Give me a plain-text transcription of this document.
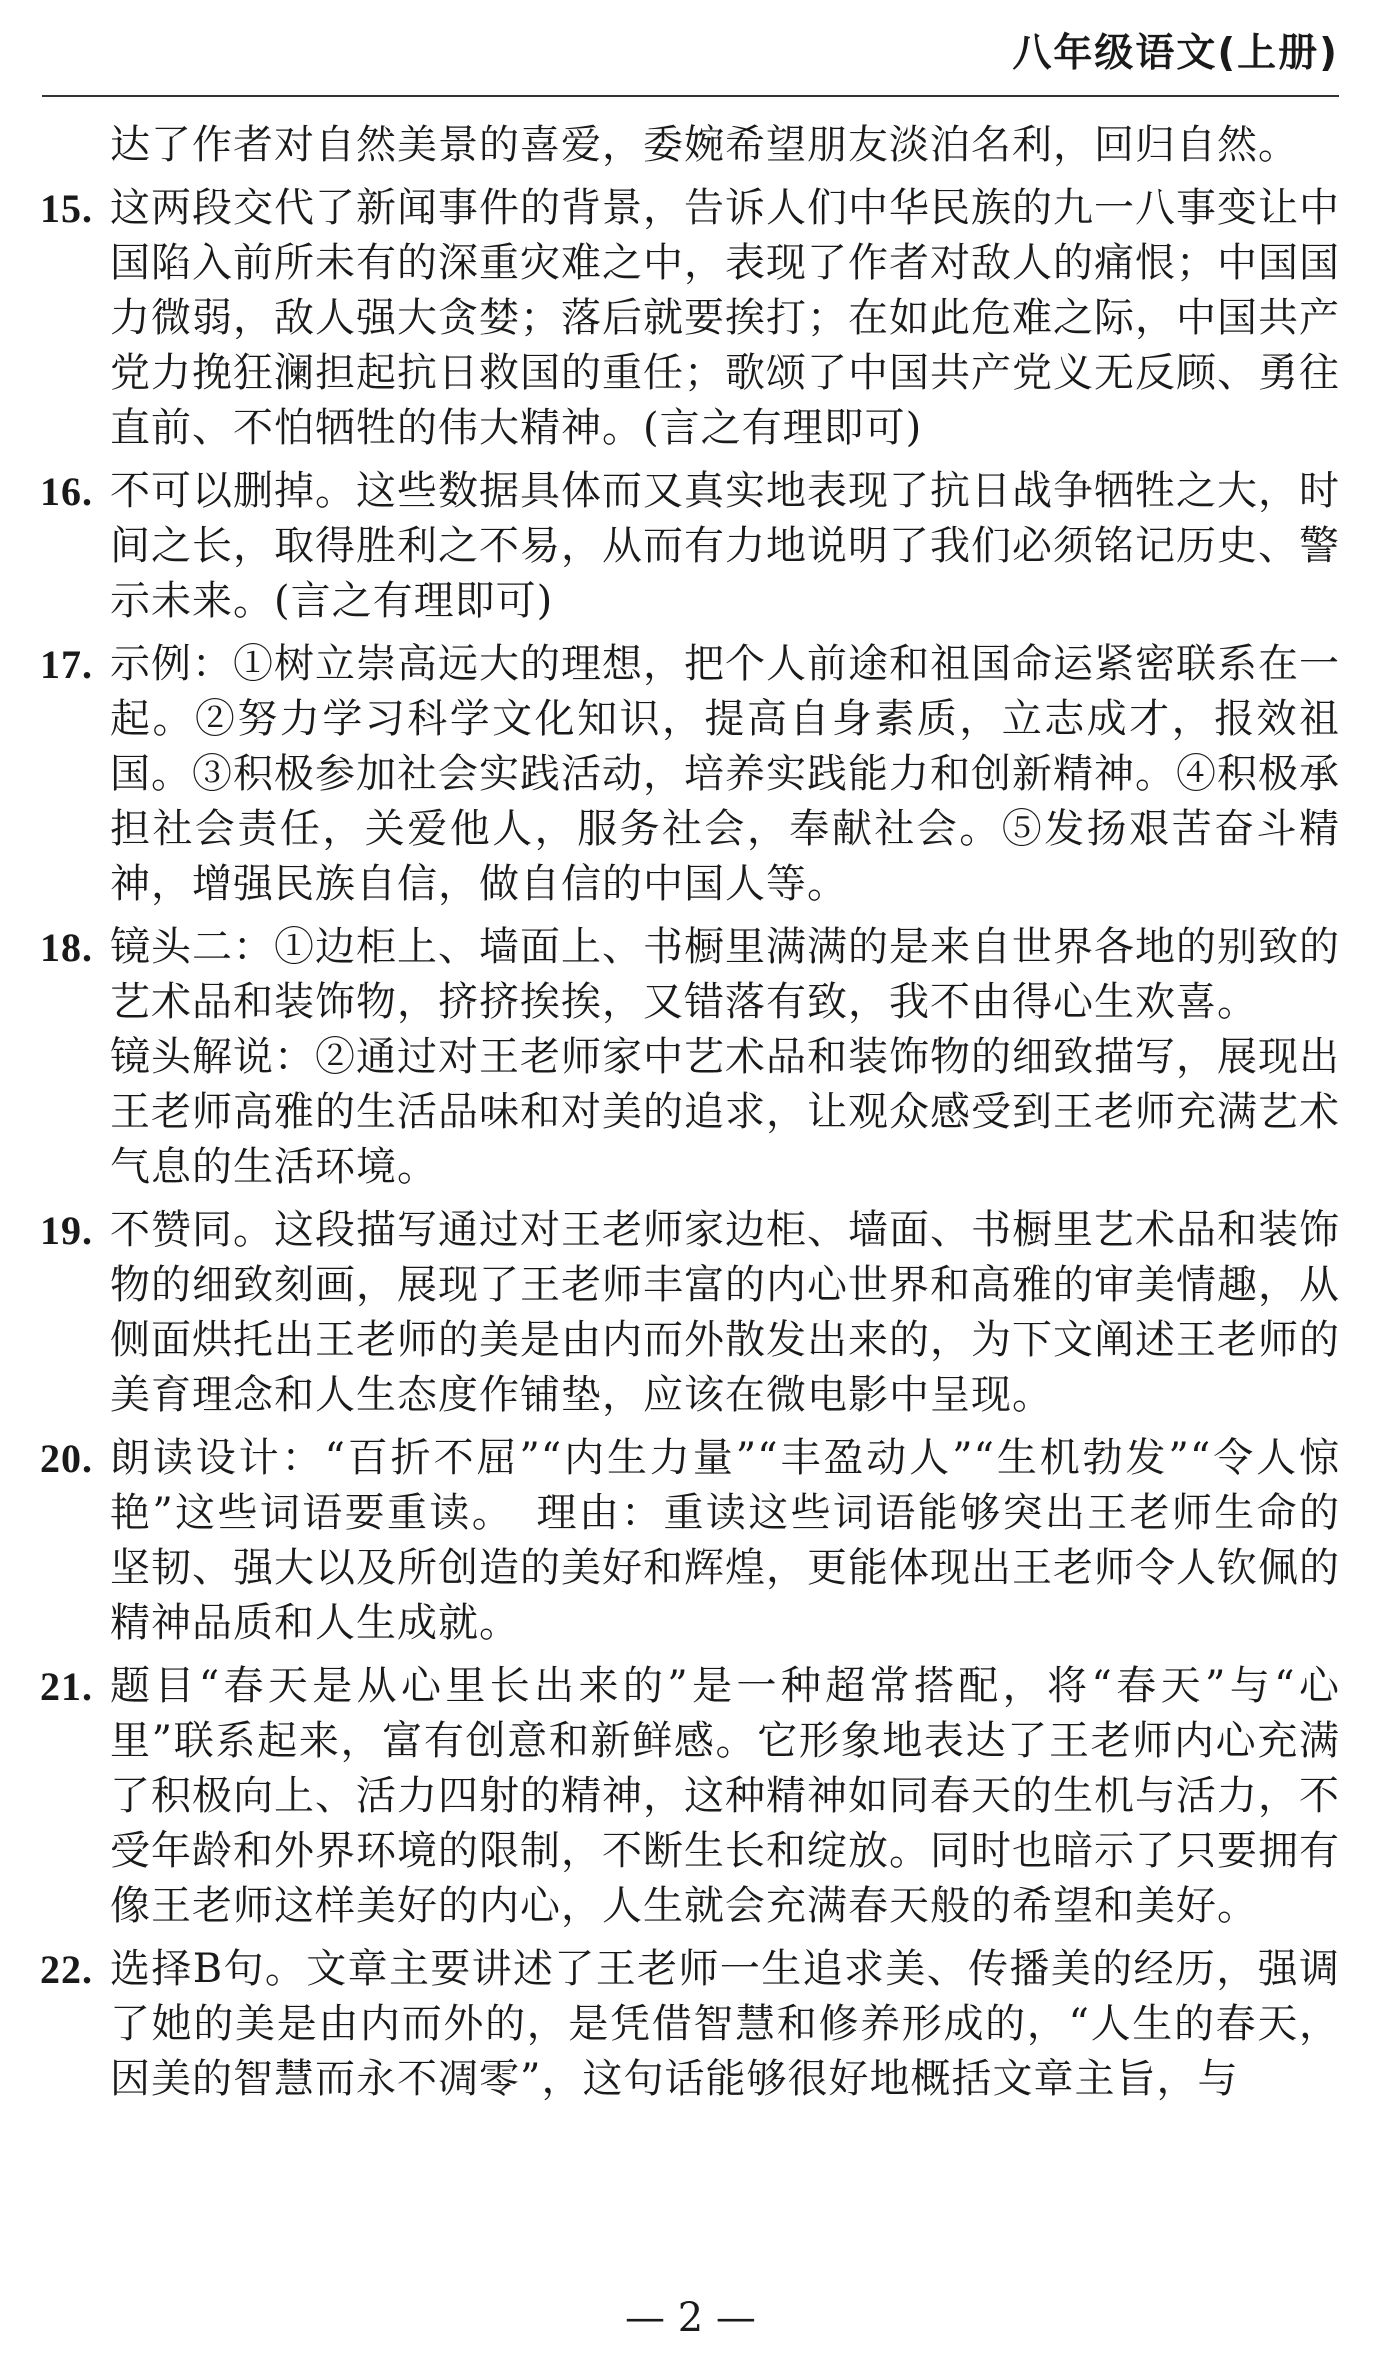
八年级语文(上册)
达了作者对自然美景的喜爱，委婉希望朋友淡泊名利，回归自然。
15. 这两段交代了新闻事件的背景，告诉人们中华民族的九一八事变让中国陷入前所未有的深重灾难之中，表现了作者对敌人的痛恨；中国国力微弱，敌人强大贪婪；落后就要挨打；在如此危难之际，中国共产党力挽狂澜担起抗日救国的重任；歌颂了中国共产党义无反顾、勇往直前、不怕牺牲的伟大精神。(言之有理即可)

16. 不可以删掉。这些数据具体而又真实地表现了抗日战争牺牲之大，时间之长，取得胜利之不易，从而有力地说明了我们必须铭记历史、警示未来。(言之有理即可)

17. 示例：①树立崇高远大的理想，把个人前途和祖国命运紧密联系在一起。②努力学习科学文化知识，提高自身素质，立志成才，报效祖国。③积极参加社会实践活动，培养实践能力和创新精神。④积极承担社会责任，关爱他人，服务社会，奉献社会。⑤发扬艰苦奋斗精神，增强民族自信，做自信的中国人等。

18. 镜头二：①边柜上、墙面上、书橱里满满的是来自世界各地的别致的艺术品和装饰物，挤挤挨挨，又错落有致，我不由得心生欢喜。

镜头解说：②通过对王老师家中艺术品和装饰物的细致描写，展现出王老师高雅的生活品味和对美的追求，让观众感受到王老师充满艺术气息的生活环境。

19. 不赞同。这段描写通过对王老师家边柜、墙面、书橱里艺术品和装饰物的细致刻画，展现了王老师丰富的内心世界和高雅的审美情趣，从侧面烘托出王老师的美是由内而外散发出来的，为下文阐述王老师的美育理念和人生态度作铺垫，应该在微电影中呈现。

20. 朗读设计：“百折不屈”“内生力量”“丰盈动人”“生机勃发”“令人惊艳”这些词语要重读。　理由：重读这些词语能够突出王老师生命的坚韧、强大以及所创造的美好和辉煌，更能体现出王老师令人钦佩的精神品质和人生成就。

21. 题目“春天是从心里长出来的”是一种超常搭配，将“春天”与“心里”联系起来，富有创意和新鲜感。它形象地表达了王老师内心充满了积极向上、活力四射的精神，这种精神如同春天的生机与活力，不受年龄和外界环境的限制，不断生长和绽放。同时也暗示了只要拥有像王老师这样美好的内心，人生就会充满春天般的希望和美好。

22. 选择B句。文章主要讲述了王老师一生追求美、传播美的经历，强调了她的美是由内而外的，是凭借智慧和修养形成的，“人生的春天，因美的智慧而永不凋零”，这句话能够很好地概括文章主旨，与

— 2 —
